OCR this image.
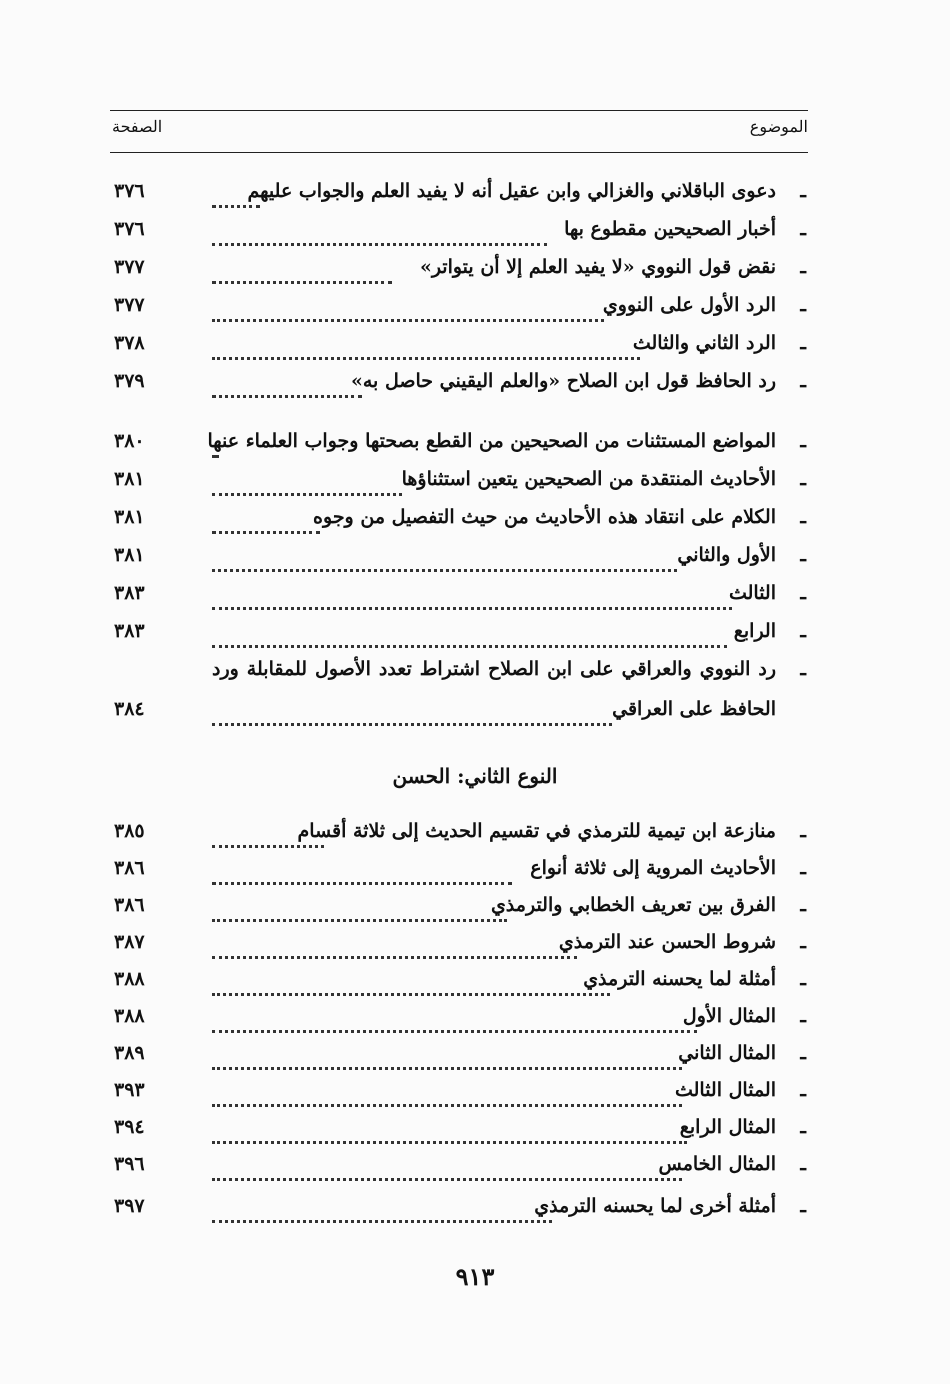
الموضوع
الصفحة
ـ
دعوى الباقلاني والغزالي وابن عقيل أنه لا يفيد العلم والجواب عليهم
٣٧٦
ـ
أخبار الصحيحين مقطوع بها
٣٧٦
ـ
نقض قول النووي «لا يفيد العلم إلا أن يتواتر»
٣٧٧
ـ
الرد الأول على النووي
٣٧٧
ـ
الرد الثاني والثالث
٣٧٨
ـ
رد الحافظ قول ابن الصلاح «والعلم اليقيني حاصل به»
٣٧٩
ـ
المواضع المستثنات من الصحيحين من القطع بصحتها وجواب العلماء عنها
٣٨٠
ـ
الأحاديث المنتقدة من الصحيحين يتعين استثناؤها
٣٨١
ـ
الكلام على انتقاد هذه الأحاديث من حيث التفصيل من وجوه
٣٨١
ـ
الأول والثاني
٣٨١
ـ
الثالث
٣٨٣
ـ
الرابع
٣٨٣
ـ
رد النووي والعراقي على ابن الصلاح اشتراط تعدد الأصول للمقابلة ورد
الحافظ على العراقي
٣٨٤
النوع الثاني: الحسن
ـ
منازعة ابن تيمية للترمذي في تقسيم الحديث إلى ثلاثة أقسام
٣٨٥
ـ
الأحاديث المروية إلى ثلاثة أنواع
٣٨٦
ـ
الفرق بين تعريف الخطابي والترمذي
٣٨٦
ـ
شروط الحسن عند الترمذي
٣٨٧
ـ
أمثلة لما يحسنه الترمذي
٣٨٨
ـ
المثال الأول
٣٨٨
ـ
المثال الثاني
٣٨٩
ـ
المثال الثالث
٣٩٣
ـ
المثال الرابع
٣٩٤
ـ
المثال الخامس
٣٩٦
ـ
أمثلة أخرى لما يحسنه الترمذي
٣٩٧
٩١٣
